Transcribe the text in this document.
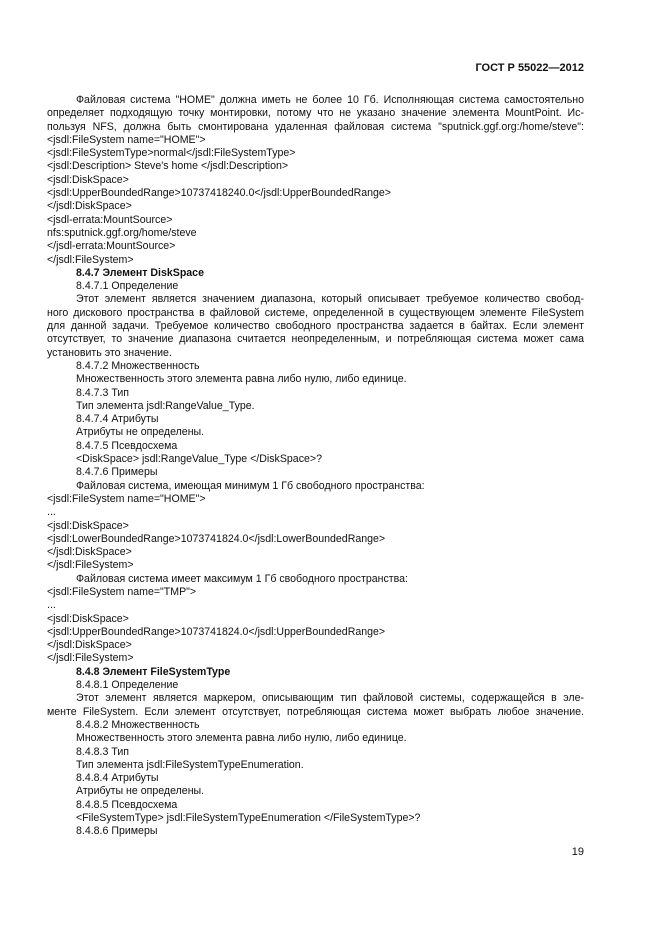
ГОСТ Р 55022—2012
Файловая система "HOME" должна иметь не более 10 Гб. Исполняющая система самостоятельно
определяет подходящую точку монтировки, потому что не указано значение элемента MountPoint. Ис-
пользуя NFS, должна быть смонтирована удаленная файловая система "sputnick.ggf.org:/home/steve":
<jsdl:FileSystem name="HOME">
<jsdl:FileSystemType>normal</jsdl:FileSystemType>
<jsdl:Description> Steve's home </jsdl:Description>
<jsdl:DiskSpace>
<jsdl:UpperBoundedRange>10737418240.0</jsdl:UpperBoundedRange>
</jsdl:DiskSpace>
<jsdl-errata:MountSource>
nfs:sputnick.ggf.org/home/steve
</jsdl-errata:MountSource>
</jsdl:FileSystem>
8.4.7 Элемент DiskSpace
8.4.7.1 Определение
Этот элемент является значением диапазона, который описывает требуемое количество свобод-
ного дискового пространства в файловой системе, определенной в существующем элементе FileSystem
для данной задачи. Требуемое количество свободного пространства задается в байтах. Если элемент
отсутствует, то значение диапазона считается неопределенным, и потребляющая система может сама
установить это значение.
8.4.7.2 Множественность
Множественность этого элемента равна либо нулю, либо единице.
8.4.7.3 Тип
Тип элемента jsdl:RangeValue_Type.
8.4.7.4 Атрибуты
Атрибуты не определены.
8.4.7.5 Псевдосхема
<DiskSpace> jsdl:RangeValue_Type </DiskSpace>?
8.4.7.6 Примеры
Файловая система, имеющая минимум 1 Гб свободного пространства:
<jsdl:FileSystem name="HOME">
...
<jsdl:DiskSpace>
<jsdl:LowerBoundedRange>1073741824.0</jsdl:LowerBoundedRange>
</jsdl:DiskSpace>
</jsdl:FileSystem>
Файловая система имеет максимум 1 Гб свободного пространства:
<jsdl:FileSystem name="TMP">
...
<jsdl:DiskSpace>
<jsdl:UpperBoundedRange>1073741824.0</jsdl:UpperBoundedRange>
</jsdl:DiskSpace>
</jsdl:FileSystem>
8.4.8 Элемент FileSystemType
8.4.8.1 Определение
Этот элемент является маркером, описывающим тип файловой системы, содержащейся в эле-
менте FileSystem. Если элемент отсутствует, потребляющая система может выбрать любое значение.
8.4.8.2 Множественность
Множественность этого элемента равна либо нулю, либо единице.
8.4.8.3 Тип
Тип элемента jsdl:FileSystemTypeEnumeration.
8.4.8.4 Атрибуты
Атрибуты не определены.
8.4.8.5 Псевдосхема
<FileSystemType> jsdl:FileSystemTypeEnumeration </FileSystemType>?
8.4.8.6 Примеры
19
